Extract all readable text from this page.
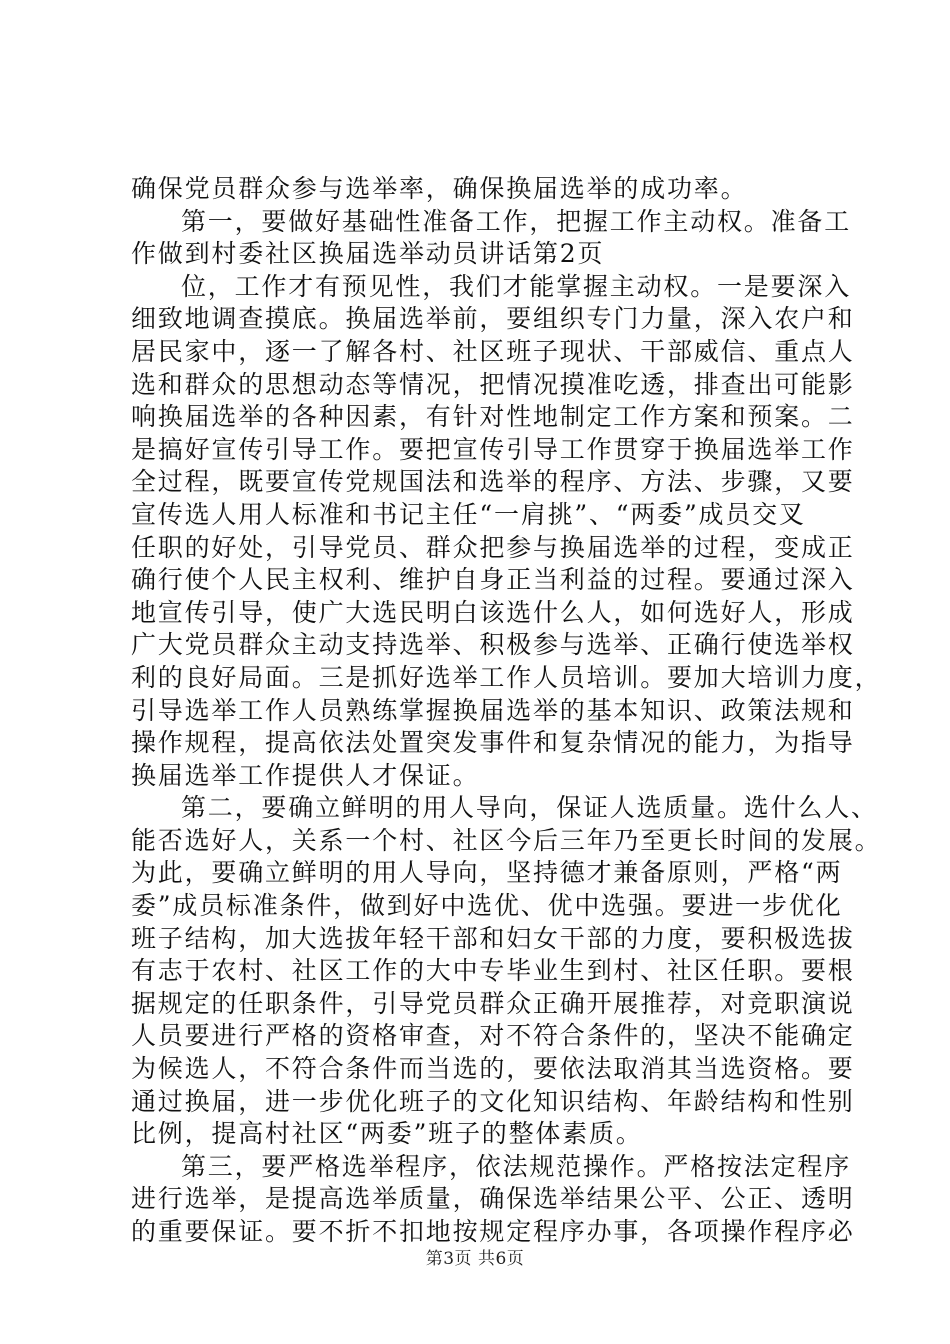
确保党员群众参与选举率，确保换届选举的成功率。
第一，要做好基础性准备工作，把握工作主动权。准备工
作做到村委社区换届选举动员讲话第2页
位，工作才有预见性，我们才能掌握主动权。一是要深入
细致地调查摸底。换届选举前，要组织专门力量，深入农户和
居民家中，逐一了解各村、社区班子现状、干部威信、重点人
选和群众的思想动态等情况，把情况摸准吃透，排查出可能影
响换届选举的各种因素，有针对性地制定工作方案和预案。二
是搞好宣传引导工作。要把宣传引导工作贯穿于换届选举工作
全过程，既要宣传党规国法和选举的程序、方法、步骤，又要
宣传选人用人标准和书记主任“一肩挑”、“两委”成员交叉
任职的好处，引导党员、群众把参与换届选举的过程，变成正
确行使个人民主权利、维护自身正当利益的过程。要通过深入
地宣传引导，使广大选民明白该选什么人，如何选好人，形成
广大党员群众主动支持选举、积极参与选举、正确行使选举权
利的良好局面。三是抓好选举工作人员培训。要加大培训力度，
引导选举工作人员熟练掌握换届选举的基本知识、政策法规和
操作规程，提高依法处置突发事件和复杂情况的能力，为指导
换届选举工作提供人才保证。
第二，要确立鲜明的用人导向，保证人选质量。选什么人、
能否选好人，关系一个村、社区今后三年乃至更长时间的发展。
为此，要确立鲜明的用人导向，坚持德才兼备原则，严格“两
委”成员标准条件，做到好中选优、优中选强。要进一步优化
班子结构，加大选拔年轻干部和妇女干部的力度，要积极选拔
有志于农村、社区工作的大中专毕业生到村、社区任职。要根
据规定的任职条件，引导党员群众正确开展推荐，对竞职演说
人员要进行严格的资格审查，对不符合条件的，坚决不能确定
为候选人，不符合条件而当选的，要依法取消其当选资格。要
通过换届，进一步优化班子的文化知识结构、年龄结构和性别
比例，提高村社区“两委”班子的整体素质。
第三，要严格选举程序，依法规范操作。严格按法定程序
进行选举，是提高选举质量，确保选举结果公平、公正、透明
的重要保证。要不折不扣地按规定程序办事，各项操作程序必
第3页 共6页
